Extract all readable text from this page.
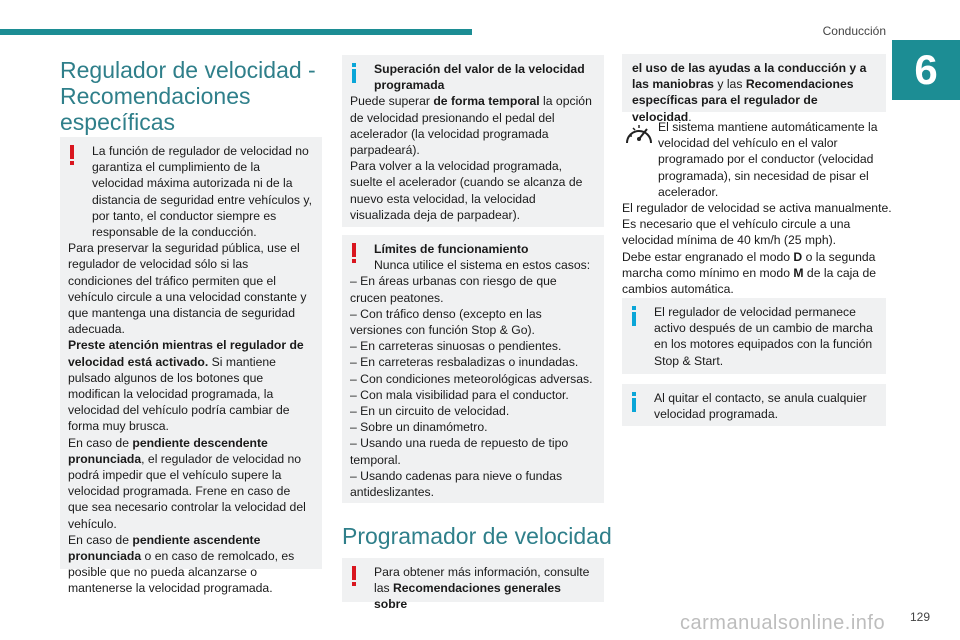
Conducción
6
Regulador de velocidad - Recomendaciones específicas

La función de regulador de velocidad no garantiza el cumplimiento de la velocidad máxima autorizada ni de la distancia de seguridad entre vehículos y, por tanto, el conductor siempre es responsable de la conducción.

Para preservar la seguridad pública, use el regulador de velocidad sólo si las condiciones del tráfico permiten que el vehículo circule a una velocidad constante y que mantenga una distancia de seguridad adecuada.

Preste atención mientras el regulador de velocidad está activado. Si mantiene pulsado algunos de los botones que modifican la velocidad programada, la velocidad del vehículo podría cambiar de forma muy brusca.

En caso de pendiente descendente pronunciada, el regulador de velocidad no podrá impedir que el vehículo supere la velocidad programada. Frene en caso de que sea necesario controlar la velocidad del vehículo.

En caso de pendiente ascendente pronunciada o en caso de remolcado, es posible que no pueda alcanzarse o mantenerse la velocidad programada.

Superación del valor de la velocidad programada

Puede superar de forma temporal la opción de velocidad presionando el pedal del acelerador (la velocidad programada parpadeará).

Para volver a la velocidad programada, suelte el acelerador (cuando se alcanza de nuevo esta velocidad, la velocidad visualizada deja de parpadear).

Límites de funcionamiento

Nunca utilice el sistema en estos casos:

– En áreas urbanas con riesgo de que crucen peatones.

– Con tráfico denso (excepto en las versiones con función Stop & Go).

– En carreteras sinuosas o pendientes.

– En carreteras resbaladizas o inundadas.

– Con condiciones meteorológicas adversas.

– Con mala visibilidad para el conductor.

– En un circuito de velocidad.

– Sobre un dinamómetro.

– Usando una rueda de repuesto de tipo temporal.

– Usando cadenas para nieve o fundas antideslizantes.

Programador de velocidad

Para obtener más información, consulte las Recomendaciones generales sobre

el uso de las ayudas a la conducción y a las maniobras y las Recomendaciones específicas para el regulador de velocidad.

El sistema mantiene automáticamente la velocidad del vehículo en el valor programado por el conductor (velocidad programada), sin necesidad de pisar el acelerador.

El regulador de velocidad se activa manualmente.

Es necesario que el vehículo circule a una velocidad mínima de 40 km/h (25 mph).

Debe estar engranado el modo D o la segunda marcha como mínimo en modo M de la caja de cambios automática.

El regulador de velocidad permanece activo después de un cambio de marcha en los motores equipados con la función Stop & Start.

Al quitar el contacto, se anula cualquier velocidad programada.

129
carmanualsonline.info
